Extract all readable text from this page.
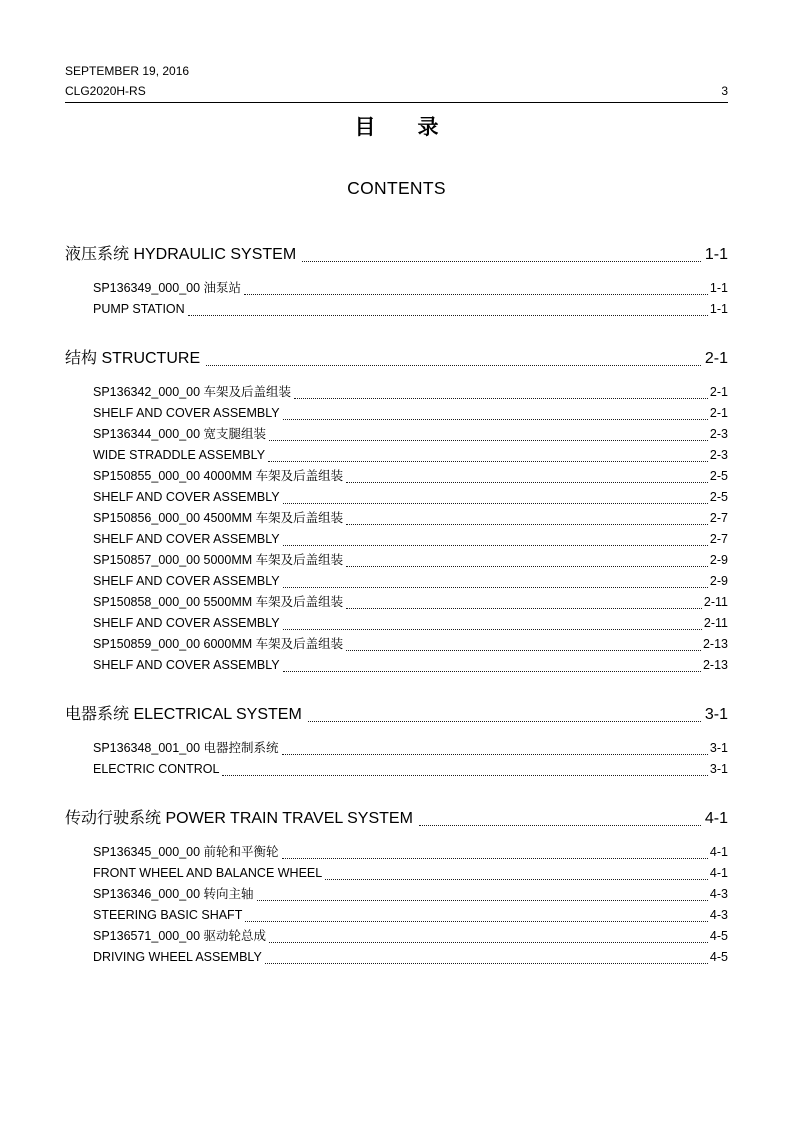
SEPTEMBER 19, 2016
CLG2020H-RS	3
目　　录
CONTENTS
液压系统 HYDRAULIC SYSTEM	1-1
SP136349_000_00 油泵站	1-1
PUMP STATION	1-1
结构 STRUCTURE	2-1
SP136342_000_00 车架及后盖组装	2-1
SHELF AND COVER ASSEMBLY	2-1
SP136344_000_00 宽支腿组装	2-3
WIDE STRADDLE ASSEMBLY	2-3
SP150855_000_00 4000MM 车架及后盖组装	2-5
SHELF AND COVER ASSEMBLY	2-5
SP150856_000_00 4500MM 车架及后盖组装	2-7
SHELF AND COVER ASSEMBLY	2-7
SP150857_000_00 5000MM 车架及后盖组装	2-9
SHELF AND COVER ASSEMBLY	2-9
SP150858_000_00 5500MM 车架及后盖组装	2-11
SHELF AND COVER ASSEMBLY	2-11
SP150859_000_00 6000MM 车架及后盖组装	2-13
SHELF AND COVER ASSEMBLY	2-13
电器系统 ELECTRICAL SYSTEM	3-1
SP136348_001_00 电器控制系统	3-1
ELECTRIC CONTROL	3-1
传动行驶系统 POWER TRAIN TRAVEL SYSTEM	4-1
SP136345_000_00 前轮和平衡轮	4-1
FRONT WHEEL AND BALANCE WHEEL	4-1
SP136346_000_00 转向主轴	4-3
STEERING BASIC SHAFT	4-3
SP136571_000_00 驱动轮总成	4-5
DRIVING WHEEL ASSEMBLY	4-5
